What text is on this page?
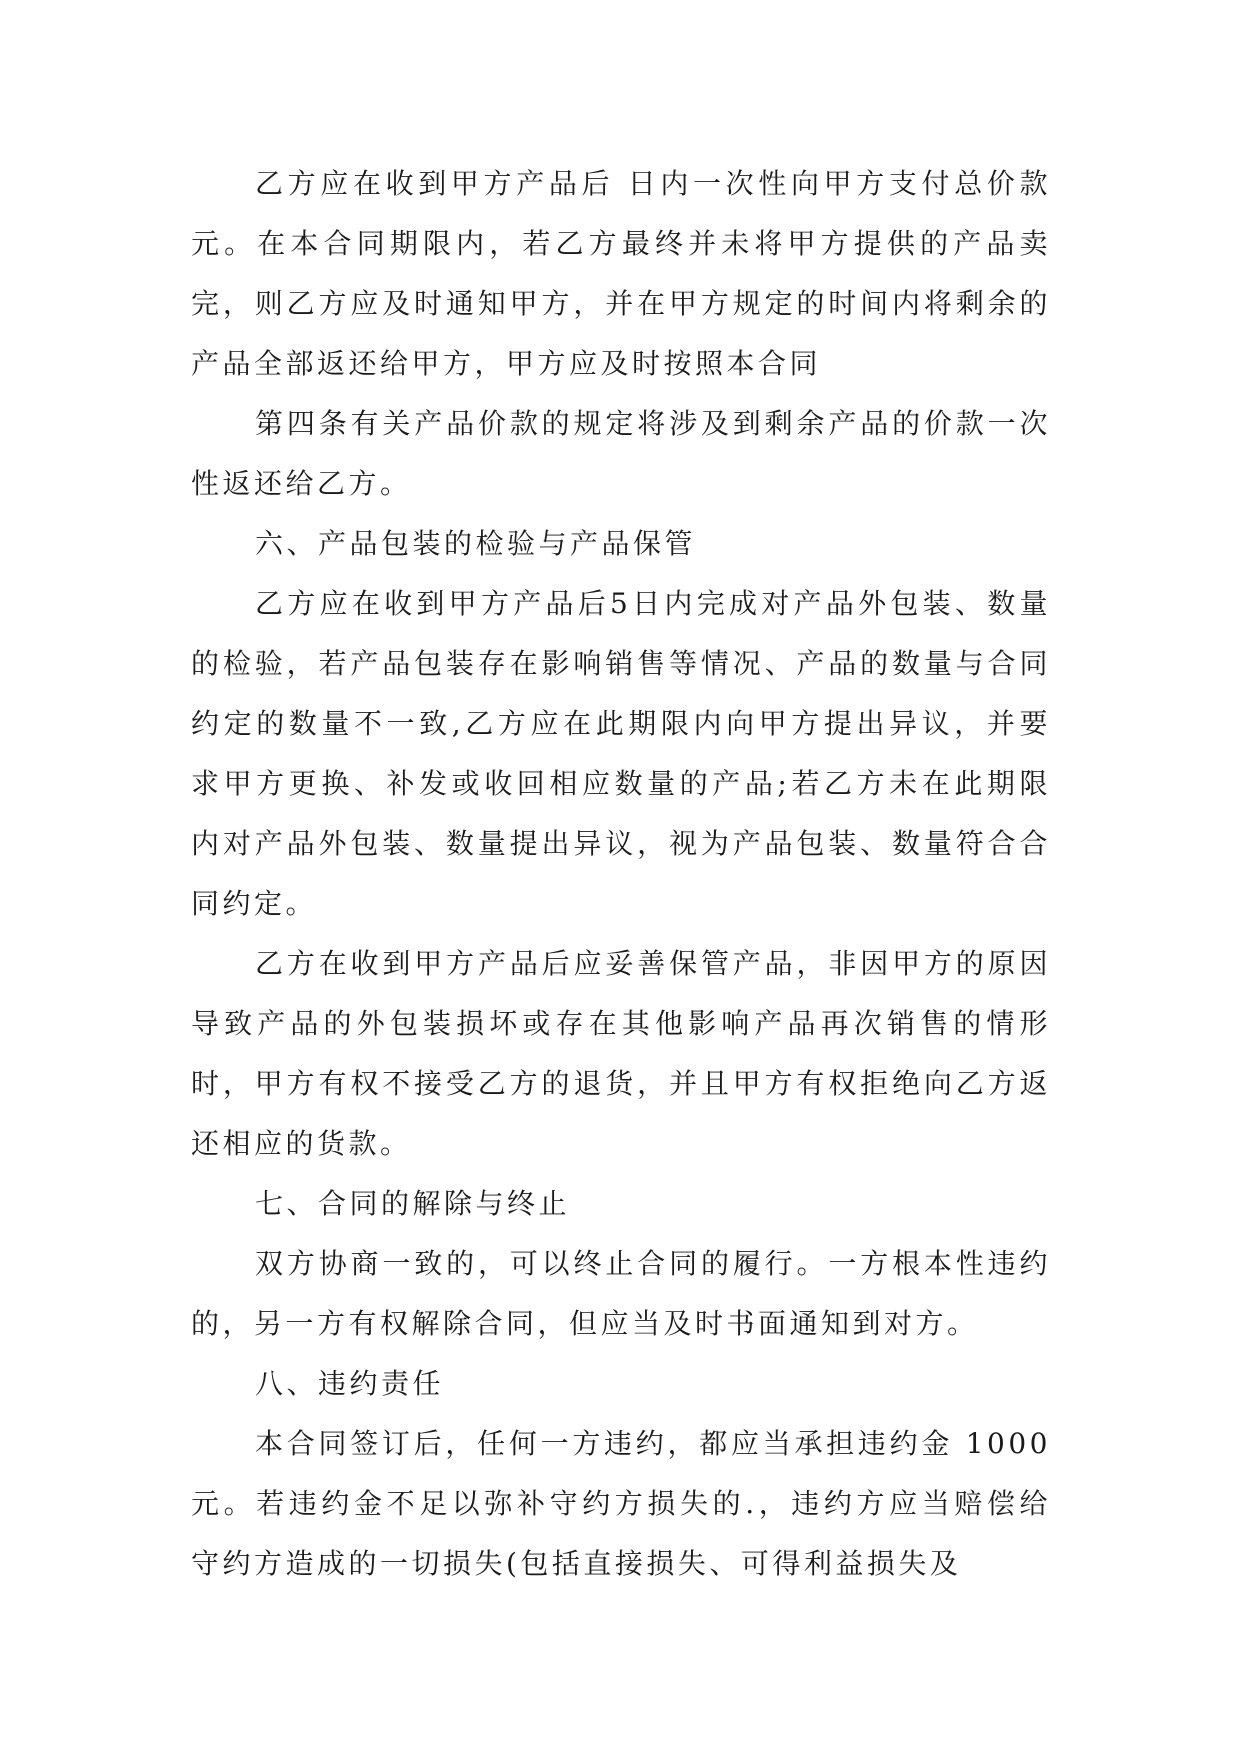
乙方应在收到甲方产品后 日内一次性向甲方支付总价款 元。在本合同期限内，若乙方最终并未将甲方提供的产品卖完，则乙方应及时通知甲方，并在甲方规定的时间内将剩余的产品全部返还给甲方，甲方应及时按照本合同

第四条有关产品价款的规定将涉及到剩余产品的价款一次性返还给乙方。

六、产品包装的检验与产品保管

乙方应在收到甲方产品后5日内完成对产品外包装、数量的检验，若产品包装存在影响销售等情况、产品的数量与合同约定的数量不一致,乙方应在此期限内向甲方提出异议，并要求甲方更换、补发或收回相应数量的产品;若乙方未在此期限内对产品外包装、数量提出异议，视为产品包装、数量符合合同约定。

乙方在收到甲方产品后应妥善保管产品，非因甲方的原因导致产品的外包装损坏或存在其他影响产品再次销售的情形时，甲方有权不接受乙方的退货，并且甲方有权拒绝向乙方返还相应的货款。

七、合同的解除与终止

双方协商一致的，可以终止合同的履行。一方根本性违约的，另一方有权解除合同，但应当及时书面通知到对方。

八、违约责任

本合同签订后，任何一方违约，都应当承担违约金 1000元。若违约金不足以弥补守约方损失的.，违约方应当赔偿给守约方造成的一切损失(包括直接损失、可得利益损失及
